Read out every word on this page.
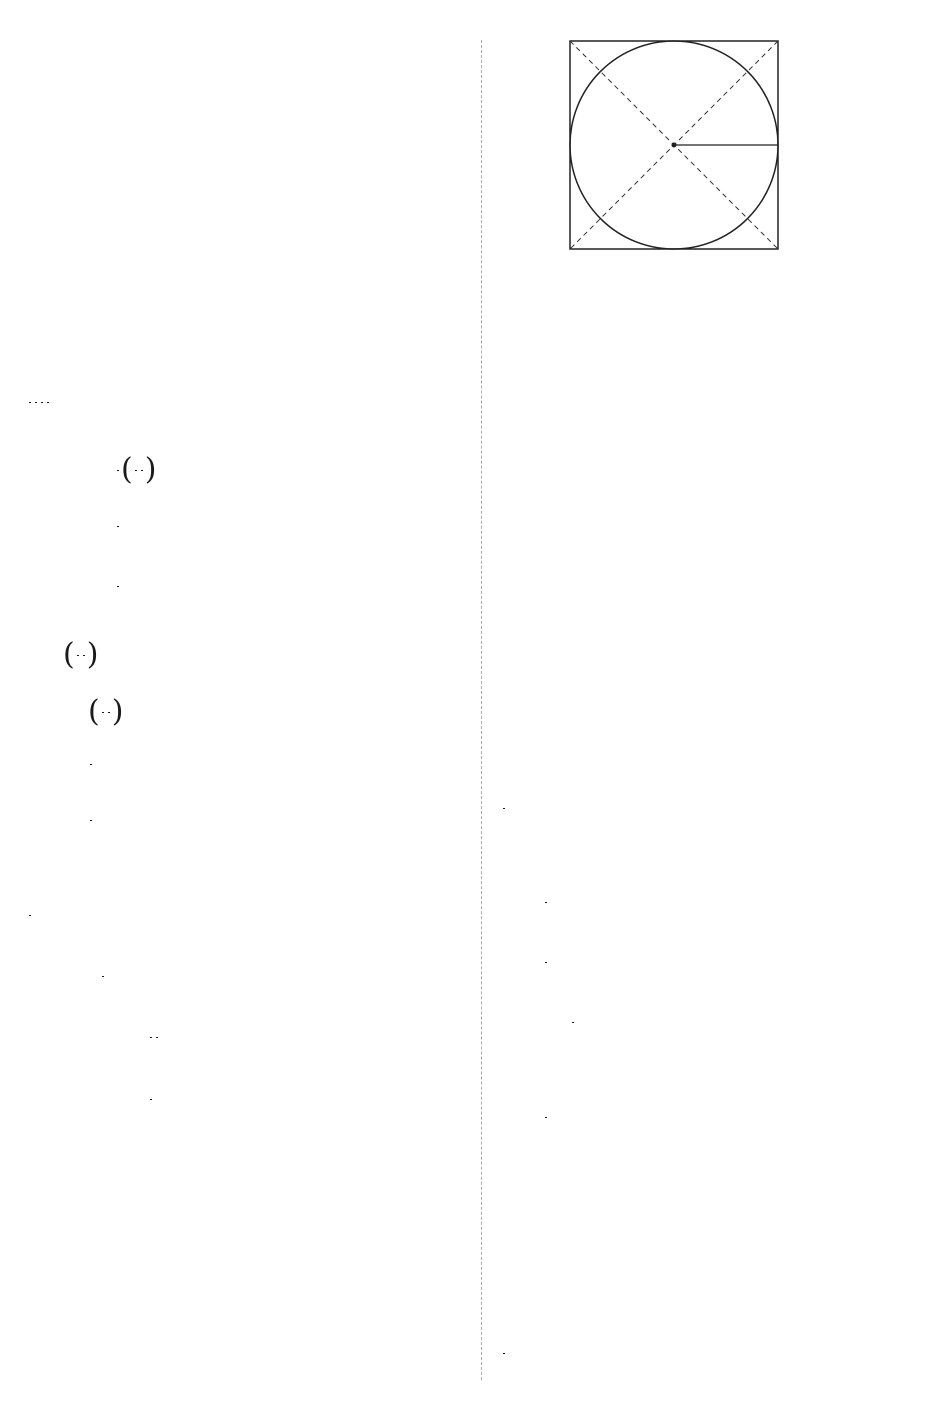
( )
( )
( )
